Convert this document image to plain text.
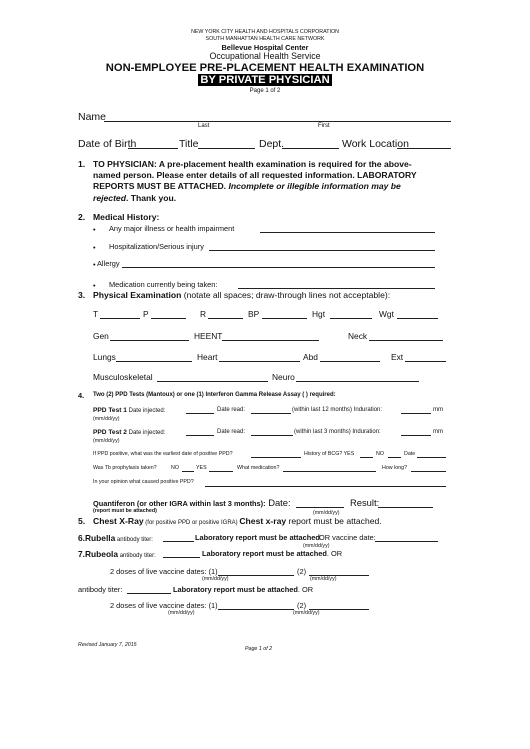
NEW YORK CITY HEALTH AND HOSPITALS CORPORATION
SOUTH MANHATTAN HEALTH CARE NETWORK
Bellevue Hospital Center
Occupational Health Service
NON-EMPLOYEE PRE-PLACEMENT HEALTH EXAMINATION
BY PRIVATE PHYSICIAN
Page 1 of 2
Name
Last	First
Date of Birth	Title	Dept.	Work Location
1. TO PHYSICIAN: A pre-placement health examination is required for the above-
named person. Please enter details of all requested information. LABORATORY
REPORTS MUST BE ATTACHED. Incomplete or illegible information may be
rejected. Thank you.
2. Medical History:
• Any major illness or health impairment
• Hospitalization/Serious injury
• Allergy
• Medication currently being taken:
3. Physical Examination (notate all spaces; draw-through lines not acceptable):
T	P	R	BP	Hgt	Wgt
Gen	HEENT	Neck
Lungs	Heart	Abd	Ext
Musculoskeletal	Neuro
4. Two (2) PPD Tests (Mantoux) or one (1) Interferon Gamma Release Assay ( ) required:
PPD Test 1 Date injected:	Date read:	(within last 12 months) Induration:	mm
(mm/dd/yy)
PPD Test 2 Date injected:	Date read:	(within last 3 months) Induration:	mm
(mm/dd/yy)
If PPD positive, what was the earliest date of positive PPD?	History of BCG? YES	NO	Date
Was Tb prophylaxis taken?	NO	YES	What medication?	How long?
In your opinion what caused positive PPD?
Quantiferon (or other IGRA within last 3 months): Date:	Result:
(report must be attached)	(mm/dd/yy)
5. Chest X-Ray (for positive PPD or positive IGRA) Chest x-ray report must be attached.
6.Rubella antibody titer:	Laboratory report must be attached OR vaccine date:
(mm/dd/yy)
7.Rubeola antibody titer:	Laboratory report must be attached. OR
2 doses of live vaccine dates: (1)	(2)
(mm/dd/yy)	(mm/dd/yy)
antibody titer:	Laboratory report must be attached. OR
2 doses of live vaccine dates: (1)	(2)
(mm/dd/yy)	(mm/dd/yy)
Revised January 7, 2015
Page 1 of 2
